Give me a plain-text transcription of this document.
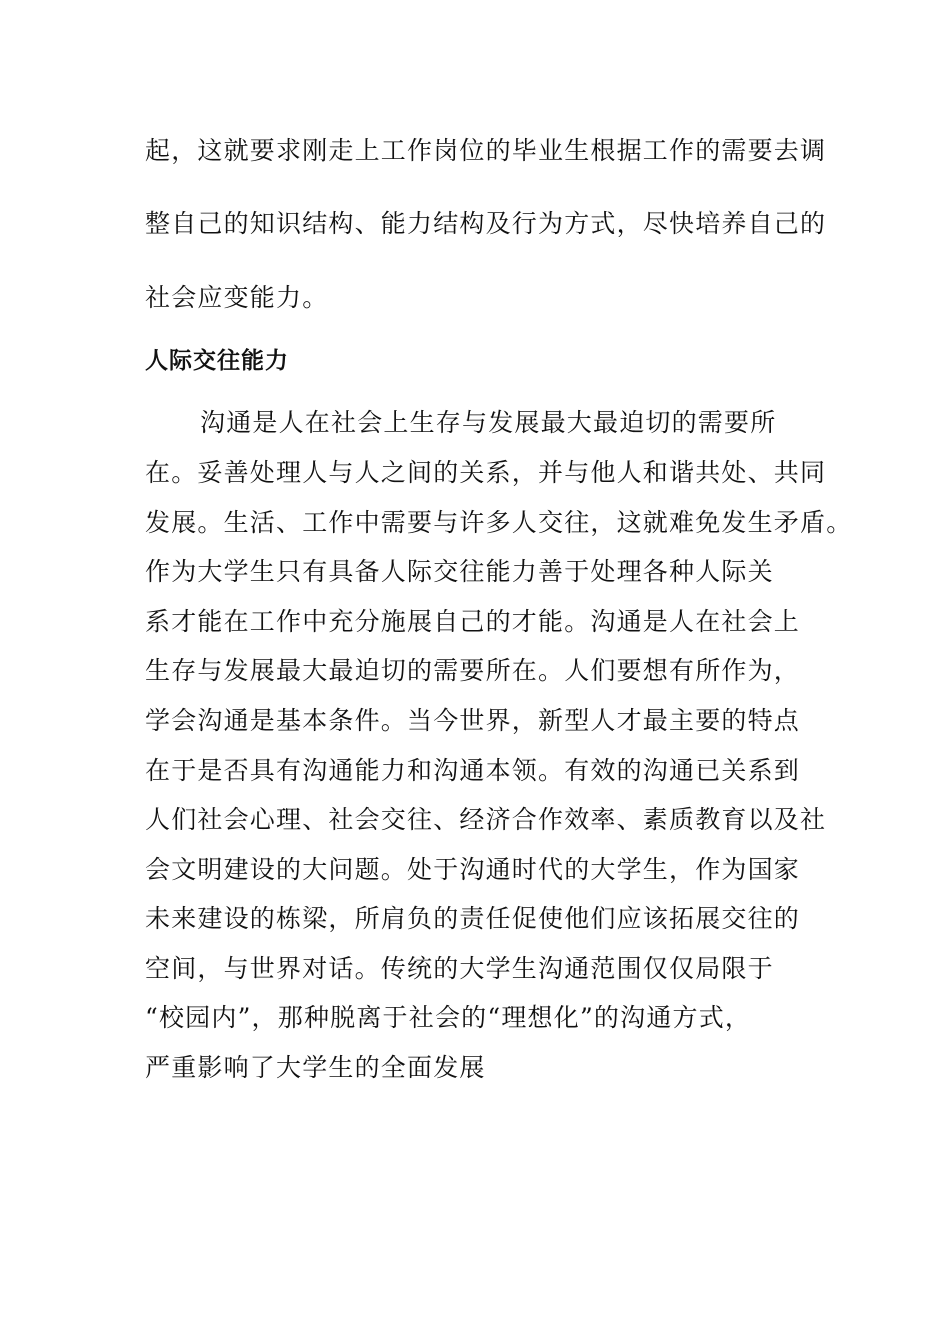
起，这就要求刚走上工作岗位的毕业生根据工作的需要去调
整自己的知识结构、能力结构及行为方式，尽快培养自己的
社会应变能力。
人际交往能力
沟通是人在社会上生存与发展最大最迫切的需要所
在。妥善处理人与人之间的关系，并与他人和谐共处、共同
发展。生活、工作中需要与许多人交往，这就难免发生矛盾。
作为大学生只有具备人际交往能力善于处理各种人际关
系才能在工作中充分施展自己的才能。沟通是人在社会上
生存与发展最大最迫切的需要所在。人们要想有所作为，
学会沟通是基本条件。当今世界，新型人才最主要的特点
在于是否具有沟通能力和沟通本领。有效的沟通已关系到
人们社会心理、社会交往、经济合作效率、素质教育以及社
会文明建设的大问题。处于沟通时代的大学生，作为国家
未来建设的栋梁，所肩负的责任促使他们应该拓展交往的
空间，与世界对话。传统的大学生沟通范围仅仅局限于
“校园内”，那种脱离于社会的“理想化”的沟通方式，
严重影响了大学生的全面发展
